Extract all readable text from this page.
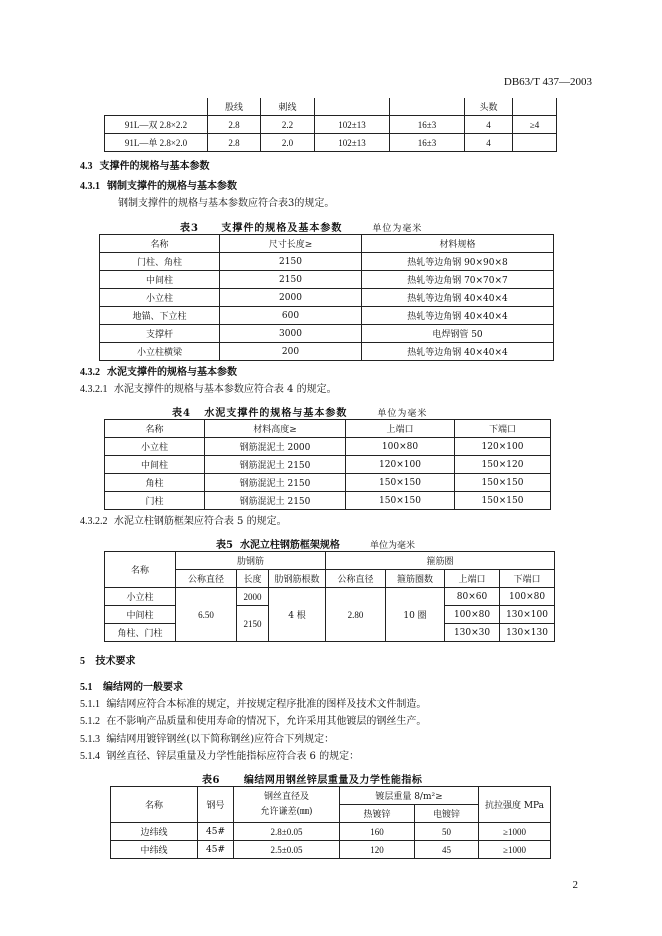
DB63/T 437—2003
	股线	刺线			头数	
91L—双 2.8×2.2	2.8	2.2	102±13	16±3	4	≥4
91L—单 2.8×2.0	2.8	2.0	102±13	16±3	4	
4.3 支撑件的规格与基本参数
4.3.1 钢制支撑件的规格与基本参数
钢制支撑件的规格与基本参数应符合表3的规定。
表3 支撑件的规格及基本参数	单位为毫米
名称	尺寸长度≥	材料规格
门柱、角柱	2150	热轧等边角钢 90×90×8
中间柱	2150	热轧等边角钢 70×70×7
小立柱	2000	热轧等边角钢 40×40×4
地锚、下立柱	600	热轧等边角钢 40×40×4
支撑杆	3000	电焊钢管 50
小立柱横梁	200	热轧等边角钢 40×40×4
4.3.2 水泥支撑件的规格与基本参数
4.3.2.1 水泥支撑件的规格与基本参数应符合表 4 的规定。
表4 水泥支撑件的规格与基本参数	单位为毫米
名称	材料高度≥	上端口	下端口
小立柱	钢筋混泥土 2000	100×80	120×100
中间柱	钢筋混泥土 2150	120×100	150×120
角柱	钢筋混泥土 2150	150×150	150×150
门柱	钢筋混泥土 2150	150×150	150×150
4.3.2.2 水泥立柱钢筋框架应符合表 5 的规定。
表5 水泥立柱钢筋框架规格	单位为毫米
名称	肋钢筋			箍筋圈			
	公称直径	长度	肋钢筋根数	公称直径	箍筋圈数	上端口	下端口
小立柱	6.50	2000	4 根	2.80	10 圈	80×60	100×80
中间柱		2150				100×80	130×100
角柱、门柱						130×30	130×130
5 技术要求
5.1 编结网的一般要求
5.1.1 编结网应符合本标准的规定，并按规定程序批准的图样及技术文件制造。
5.1.2 在不影响产品质量和使用寿命的情况下，允许采用其他镀层的钢丝生产。
5.1.3 编结网用镀锌钢丝(以下简称钢丝)应符合下列规定：
5.1.4 钢丝直径、锌层重量及力学性能指标应符合表 6 的规定：
表6 编结网用钢丝锌层重量及力学性能指标
名称	钢号	钢丝直径及
允许谦差(㎜)	镀层重量 8/m²≥		抗拉强度 MPa
			热镀锌	电镀锌	
边纬线	45#	2.8±0.05	160	50	≥1000
中纬线	45#	2.5±0.05	120	45	≥1000
2
